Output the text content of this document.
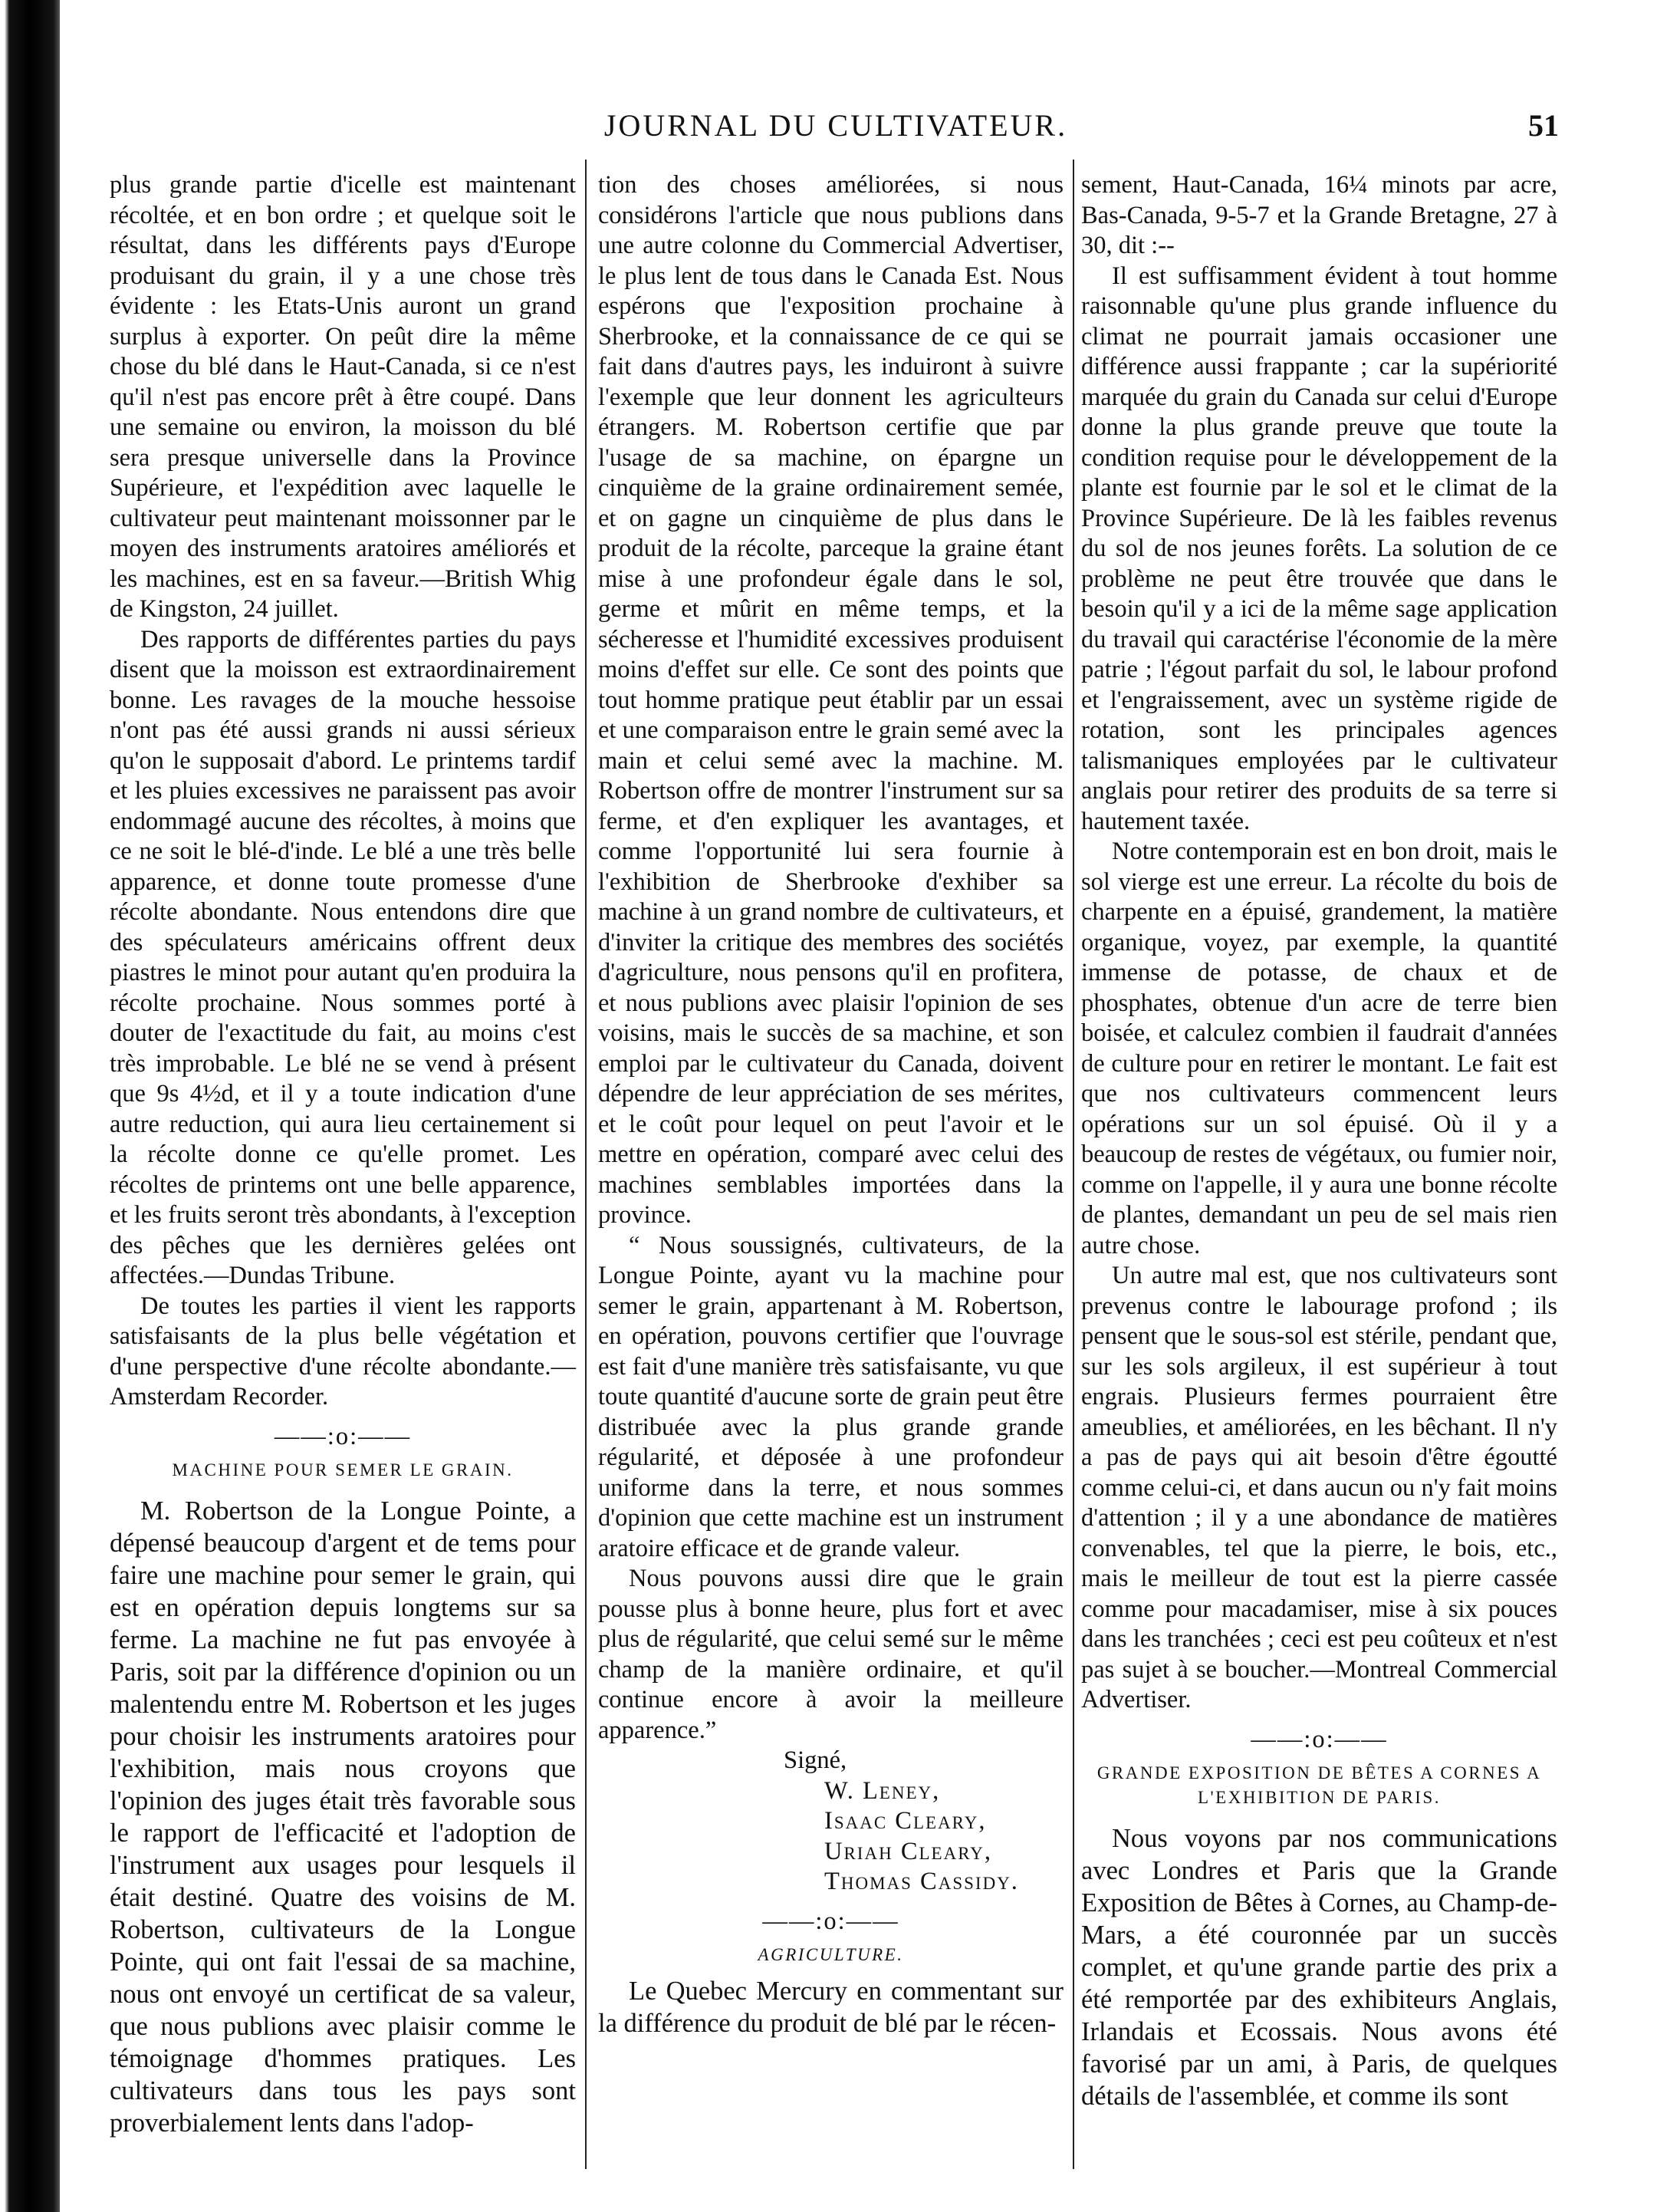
JOURNAL DU CULTIVATEUR.	51

plus grande partie d'icelle est maintenant récoltée, et en bon ordre ; et quelque soit le résultat, dans les différents pays d'Europe produisant du grain, il y a une chose très évidente : les Etats-Unis auront un grand surplus à exporter. On peût dire la même chose du blé dans le Haut-Canada, si ce n'est qu'il n'est pas encore prêt à être coupé. Dans une semaine ou environ, la moisson du blé sera presque universelle dans la Province Supérieure, et l'expédition avec laquelle le cultivateur peut maintenant moissonner par le moyen des instruments aratoires améliorés et les machines, est en sa faveur.—British Whig de Kingston, 24 juillet.

Des rapports de différentes parties du pays disent que la moisson est extraordinairement bonne. Les ravages de la mouche hessoise n'ont pas été aussi grands ni aussi sérieux qu'on le supposait d'abord. Le printems tardif et les pluies excessives ne paraissent pas avoir endommagé aucune des récoltes, à moins que ce ne soit le blé-d'inde. Le blé a une très belle apparence, et donne toute promesse d'une récolte abondante. Nous entendons dire que des spéculateurs américains offrent deux piastres le minot pour autant qu'en produira la récolte prochaine. Nous sommes porté à douter de l'exactitude du fait, au moins c'est très improbable. Le blé ne se vend à présent que 9s 4½d, et il y a toute indication d'une autre reduction, qui aura lieu certainement si la récolte donne ce qu'elle promet. Les récoltes de printems ont une belle apparence, et les fruits seront très abondants, à l'exception des pêches que les dernières gelées ont affectées.—Dundas Tribune.

De toutes les parties il vient les rapports satisfaisants de la plus belle végétation et d'une perspective d'une récolte abondante.—Amsterdam Recorder.

——:o:——
MACHINE POUR SEMER LE GRAIN.

M. Robertson de la Longue Pointe, a dépensé beaucoup d'argent et de tems pour faire une machine pour semer le grain, qui est en opération depuis longtems sur sa ferme. La machine ne fut pas envoyée à Paris, soit par la différence d'opinion ou un malentendu entre M. Robertson et les juges pour choisir les instruments aratoires pour l'exhibition, mais nous croyons que l'opinion des juges était très favorable sous le rapport de l'efficacité et l'adoption de l'instrument aux usages pour lesquels il était destiné. Quatre des voisins de M. Robertson, cultivateurs de la Longue Pointe, qui ont fait l'essai de sa machine, nous ont envoyé un certificat de sa valeur, que nous publions avec plaisir comme le témoignage d'hommes pratiques. Les cultivateurs dans tous les pays sont proverbialement lents dans l'adop-

tion des choses améliorées, si nous considérons l'article que nous publions dans une autre colonne du Commercial Advertiser, le plus lent de tous dans le Canada Est. Nous espérons que l'exposition prochaine à Sherbrooke, et la connaissance de ce qui se fait dans d'autres pays, les induiront à suivre l'exemple que leur donnent les agriculteurs étrangers. M. Robertson certifie que par l'usage de sa machine, on épargne un cinquième de la graine ordinairement semée, et on gagne un cinquième de plus dans le produit de la récolte, parceque la graine étant mise à une profondeur égale dans le sol, germe et mûrit en même temps, et la sécheresse et l'humidité excessives produisent moins d'effet sur elle. Ce sont des points que tout homme pratique peut établir par un essai et une comparaison entre le grain semé avec la main et celui semé avec la machine. M. Robertson offre de montrer l'instrument sur sa ferme, et d'en expliquer les avantages, et comme l'opportunité lui sera fournie à l'exhibition de Sherbrooke d'exhiber sa machine à un grand nombre de cultivateurs, et d'inviter la critique des membres des sociétés d'agriculture, nous pensons qu'il en profitera, et nous publions avec plaisir l'opinion de ses voisins, mais le succès de sa machine, et son emploi par le cultivateur du Canada, doivent dépendre de leur appréciation de ses mérites, et le coût pour lequel on peut l'avoir et le mettre en opération, comparé avec celui des machines semblables importées dans la province.

“ Nous soussignés, cultivateurs, de la Longue Pointe, ayant vu la machine pour semer le grain, appartenant à M. Robertson, en opération, pouvons certifier que l'ouvrage est fait d'une manière très satisfaisante, vu que toute quantité d'aucune sorte de grain peut être distribuée avec la plus grande grande régularité, et déposée à une profondeur uniforme dans la terre, et nous sommes d'opinion que cette machine est un instrument aratoire efficace et de grande valeur.

Nous pouvons aussi dire que le grain pousse plus à bonne heure, plus fort et avec plus de régularité, que celui semé sur le même champ de la manière ordinaire, et qu'il continue encore à avoir la meilleure apparence.”

Signé,
W. Leney,
Isaac Cleary,
Uriah Cleary,
Thomas Cassidy.
——:o:——
AGRICULTURE.

Le Quebec Mercury en commentant sur la différence du produit de blé par le récen-

sement, Haut-Canada, 16¼ minots par acre, Bas-Canada, 9-5-7 et la Grande Bretagne, 27 à 30, dit :--

Il est suffisamment évident à tout homme raisonnable qu'une plus grande influence du climat ne pourrait jamais occasioner une différence aussi frappante ; car la supériorité marquée du grain du Canada sur celui d'Europe donne la plus grande preuve que toute la condition requise pour le développement de la plante est fournie par le sol et le climat de la Province Supérieure. De là les faibles revenus du sol de nos jeunes forêts. La solution de ce problème ne peut être trouvée que dans le besoin qu'il y a ici de la même sage application du travail qui caractérise l'économie de la mère patrie ; l'égout parfait du sol, le labour profond et l'engraissement, avec un système rigide de rotation, sont les principales agences talismaniques employées par le cultivateur anglais pour retirer des produits de sa terre si hautement taxée.

Notre contemporain est en bon droit, mais le sol vierge est une erreur. La récolte du bois de charpente en a épuisé, grandement, la matière organique, voyez, par exemple, la quantité immense de potasse, de chaux et de phosphates, obtenue d'un acre de terre bien boisée, et calculez combien il faudrait d'années de culture pour en retirer le montant. Le fait est que nos cultivateurs commencent leurs opérations sur un sol épuisé. Où il y a beaucoup de restes de végétaux, ou fumier noir, comme on l'appelle, il y aura une bonne récolte de plantes, demandant un peu de sel mais rien autre chose.

Un autre mal est, que nos cultivateurs sont prevenus contre le labourage profond ; ils pensent que le sous-sol est stérile, pendant que, sur les sols argileux, il est supérieur à tout engrais. Plusieurs fermes pourraient être ameublies, et améliorées, en les bêchant. Il n'y a pas de pays qui ait besoin d'être égoutté comme celui-ci, et dans aucun ou n'y fait moins d'attention ; il y a une abondance de matières convenables, tel que la pierre, le bois, etc., mais le meilleur de tout est la pierre cassée comme pour macadamiser, mise à six pouces dans les tranchées ; ceci est peu coûteux et n'est pas sujet à se boucher.—Montreal Commercial Advertiser.

——:o:——
GRANDE EXPOSITION DE BÊTES A CORNES A L'EXHIBITION DE PARIS.

Nous voyons par nos communications avec Londres et Paris que la Grande Exposition de Bêtes à Cornes, au Champ-de-Mars, a été couronnée par un succès complet, et qu'une grande partie des prix a été remportée par des exhibiteurs Anglais, Irlandais et Ecossais. Nous avons été favorisé par un ami, à Paris, de quelques détails de l'assemblée, et comme ils sont
